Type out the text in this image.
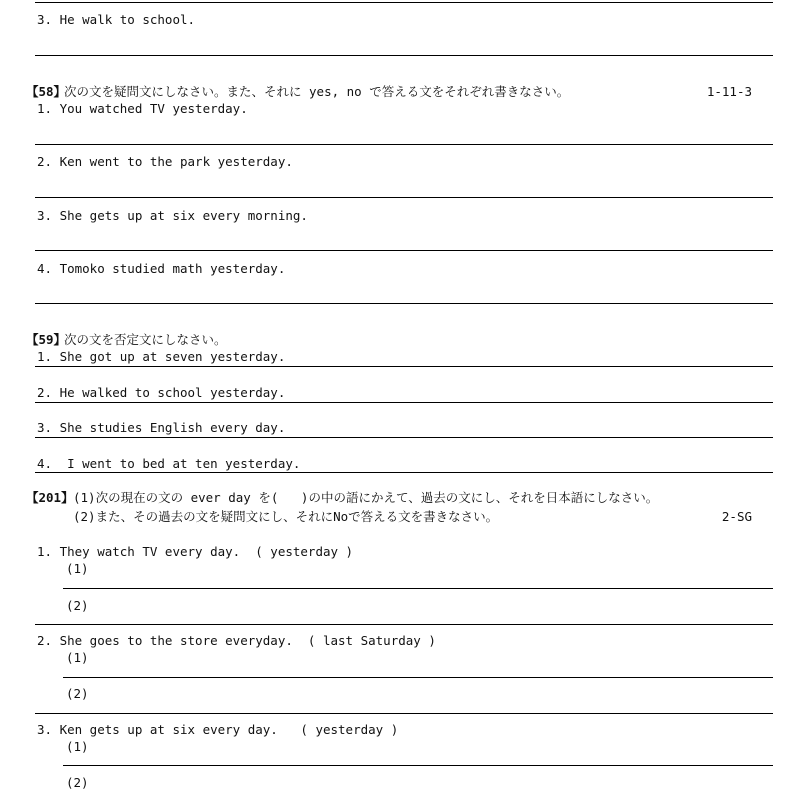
3. He walk to school.
【58】
次の文を疑問文にしなさい。また、それに yes, no で答える文をそれぞれ書きなさい。	1-11-3
1. You watched TV yesterday.
2. Ken went to the park yesterday.
3. She gets up at six every morning.
4. Tomoko studied math yesterday.
【59】
次の文を否定文にしなさい。
1. She got up at seven yesterday.
2. He walked to school yesterday.
3. She studies English every day.
4.  I went to bed at ten yesterday.
【201】 (1)次の現在の文の ever day を(   )の中の語にかえて、過去の文にし、それを日本語にしなさい。
(2)また、その過去の文を疑問文にし、それにNoで答える文を書きなさい。	2-SG
1. They watch TV every day.  ( yesterday )
(1)
(2)
2. She goes to the store everyday.  ( last Saturday )
(1)
(2)
3. Ken gets up at six every day.   ( yesterday )
(1)
(2)
